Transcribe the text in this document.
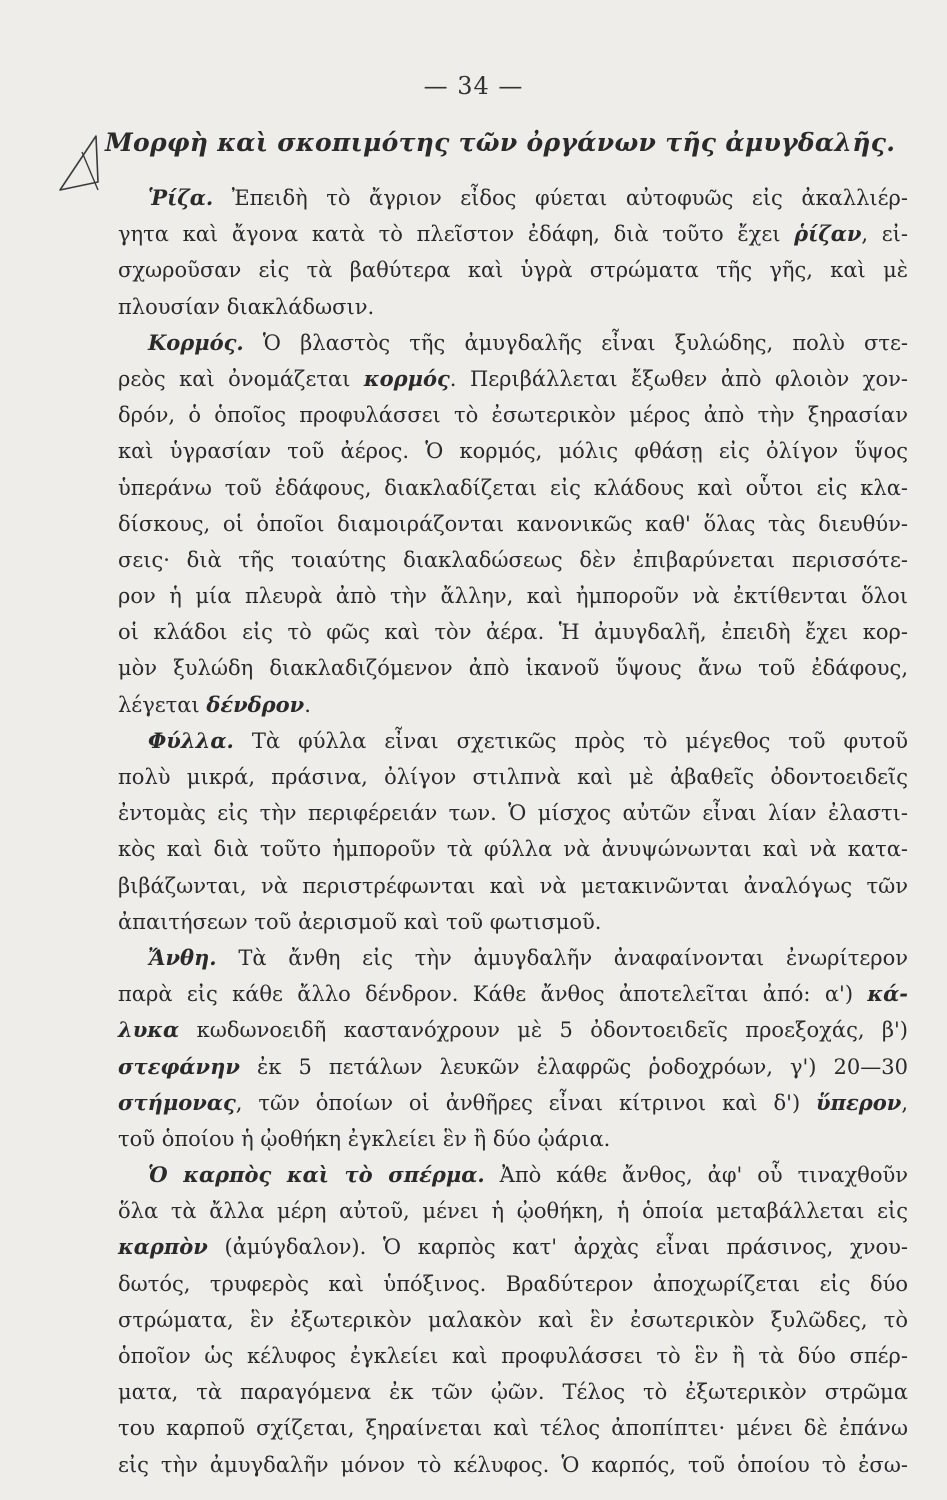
— 34 —
Μορφὴ καὶ σκοπιμότης τῶν ὀργάνων τῆς ἀμυγδαλῆς.
Ῥίζα. Ἐπειδὴ τὸ ἄγριον εἶδος φύεται αὐτοφυῶς εἰς ἀκαλλιέρ-
γητα καὶ ἄγονα κατὰ τὸ πλεῖστον ἐδάφη, διὰ τοῦτο ἔχει ῥίζαν, εἰ-
σχωροῦσαν εἰς τὰ βαθύτερα καὶ ὑγρὰ στρώματα τῆς γῆς, καὶ μὲ
πλουσίαν διακλάδωσιν.
Κορμός. Ὁ βλαστὸς τῆς ἀμυγδαλῆς εἶναι ξυλώδης, πολὺ στε-
ρεὸς καὶ ὀνομάζεται κορμός. Περιβάλλεται ἔξωθεν ἀπὸ φλοιὸν χον-
δρόν, ὁ ὁποῖος προφυλάσσει τὸ ἐσωτερικὸν μέρος ἀπὸ τὴν ξηρασίαν
καὶ ὑγρασίαν τοῦ ἀέρος. Ὁ κορμός, μόλις φθάσῃ εἰς ὀλίγον ὕψος
ὑπεράνω τοῦ ἐδάφους, διακλαδίζεται εἰς κλάδους καὶ οὗτοι εἰς κλα-
δίσκους, οἱ ὁποῖοι διαμοιράζονται κανονικῶς καθ' ὅλας τὰς διευθύν-
σεις· διὰ τῆς τοιαύτης διακλαδώσεως δὲν ἐπιβαρύνεται περισσότε-
ρον ἡ μία πλευρὰ ἀπὸ τὴν ἄλλην, καὶ ἠμποροῦν νὰ ἐκτίθενται ὅλοι
οἱ κλάδοι εἰς τὸ φῶς καὶ τὸν ἀέρα. Ἡ ἀμυγδαλῆ, ἐπειδὴ ἔχει κορ-
μὸν ξυλώδη διακλαδιζόμενον ἀπὸ ἱκανοῦ ὕψους ἄνω τοῦ ἐδάφους,
λέγεται δένδρον.
Φύλλα. Τὰ φύλλα εἶναι σχετικῶς πρὸς τὸ μέγεθος τοῦ φυτοῦ
πολὺ μικρά, πράσινα, ὀλίγον στιλπνὰ καὶ μὲ ἀβαθεῖς ὀδοντοειδεῖς
ἐντομὰς εἰς τὴν περιφέρειάν των. Ὁ μίσχος αὐτῶν εἶναι λίαν ἐλαστι-
κὸς καὶ διὰ τοῦτο ἠμποροῦν τὰ φύλλα νὰ ἀνυψώνωνται καὶ νὰ κατα-
βιβάζωνται, νὰ περιστρέφωνται καὶ νὰ μετακινῶνται ἀναλόγως τῶν
ἀπαιτήσεων τοῦ ἀερισμοῦ καὶ τοῦ φωτισμοῦ.
Ἄνθη. Τὰ ἄνθη εἰς τὴν ἀμυγδαλῆν ἀναφαίνονται ἐνωρίτερον
παρὰ εἰς κάθε ἄλλο δένδρον. Κάθε ἄνθος ἀποτελεῖται ἀπό: α') κά-
λυκα κωδωνοειδῆ καστανόχρουν μὲ 5 ὀδοντοειδεῖς προεξοχάς, β')
στεφάνην ἐκ 5 πετάλων λευκῶν ἐλαφρῶς ῥοδοχρόων, γ') 20—30
στήμονας, τῶν ὁποίων οἱ ἀνθῆρες εἶναι κίτρινοι καὶ δ') ὕπερον,
τοῦ ὁποίου ἡ ᾠοθήκη ἐγκλείει ἓν ἢ δύο ᾠάρια.
Ὁ καρπὸς καὶ τὸ σπέρμα. Ἀπὸ κάθε ἄνθος, ἀφ' οὗ τιναχθοῦν
ὅλα τὰ ἄλλα μέρη αὐτοῦ, μένει ἡ ᾠοθήκη, ἡ ὁποία μεταβάλλεται εἰς
καρπὸν (ἀμύγδαλον). Ὁ καρπὸς κατ' ἀρχὰς εἶναι πράσινος, χνου-
δωτός, τρυφερὸς καὶ ὑπόξινος. Βραδύτερον ἀποχωρίζεται εἰς δύο
στρώματα, ἓν ἐξωτερικὸν μαλακὸν καὶ ἓν ἐσωτερικὸν ξυλῶδες, τὸ
ὁποῖον ὡς κέλυφος ἐγκλείει καὶ προφυλάσσει τὸ ἓν ἢ τὰ δύο σπέρ-
ματα, τὰ παραγόμενα ἐκ τῶν ᾠῶν. Τέλος τὸ ἐξωτερικὸν στρῶμα
του καρποῦ σχίζεται, ξηραίνεται καὶ τέλος ἀποπίπτει· μένει δὲ ἐπάνω
εἰς τὴν ἀμυγδαλῆν μόνον τὸ κέλυφος. Ὁ καρπός, τοῦ ὁποίου τὸ ἐσω-
